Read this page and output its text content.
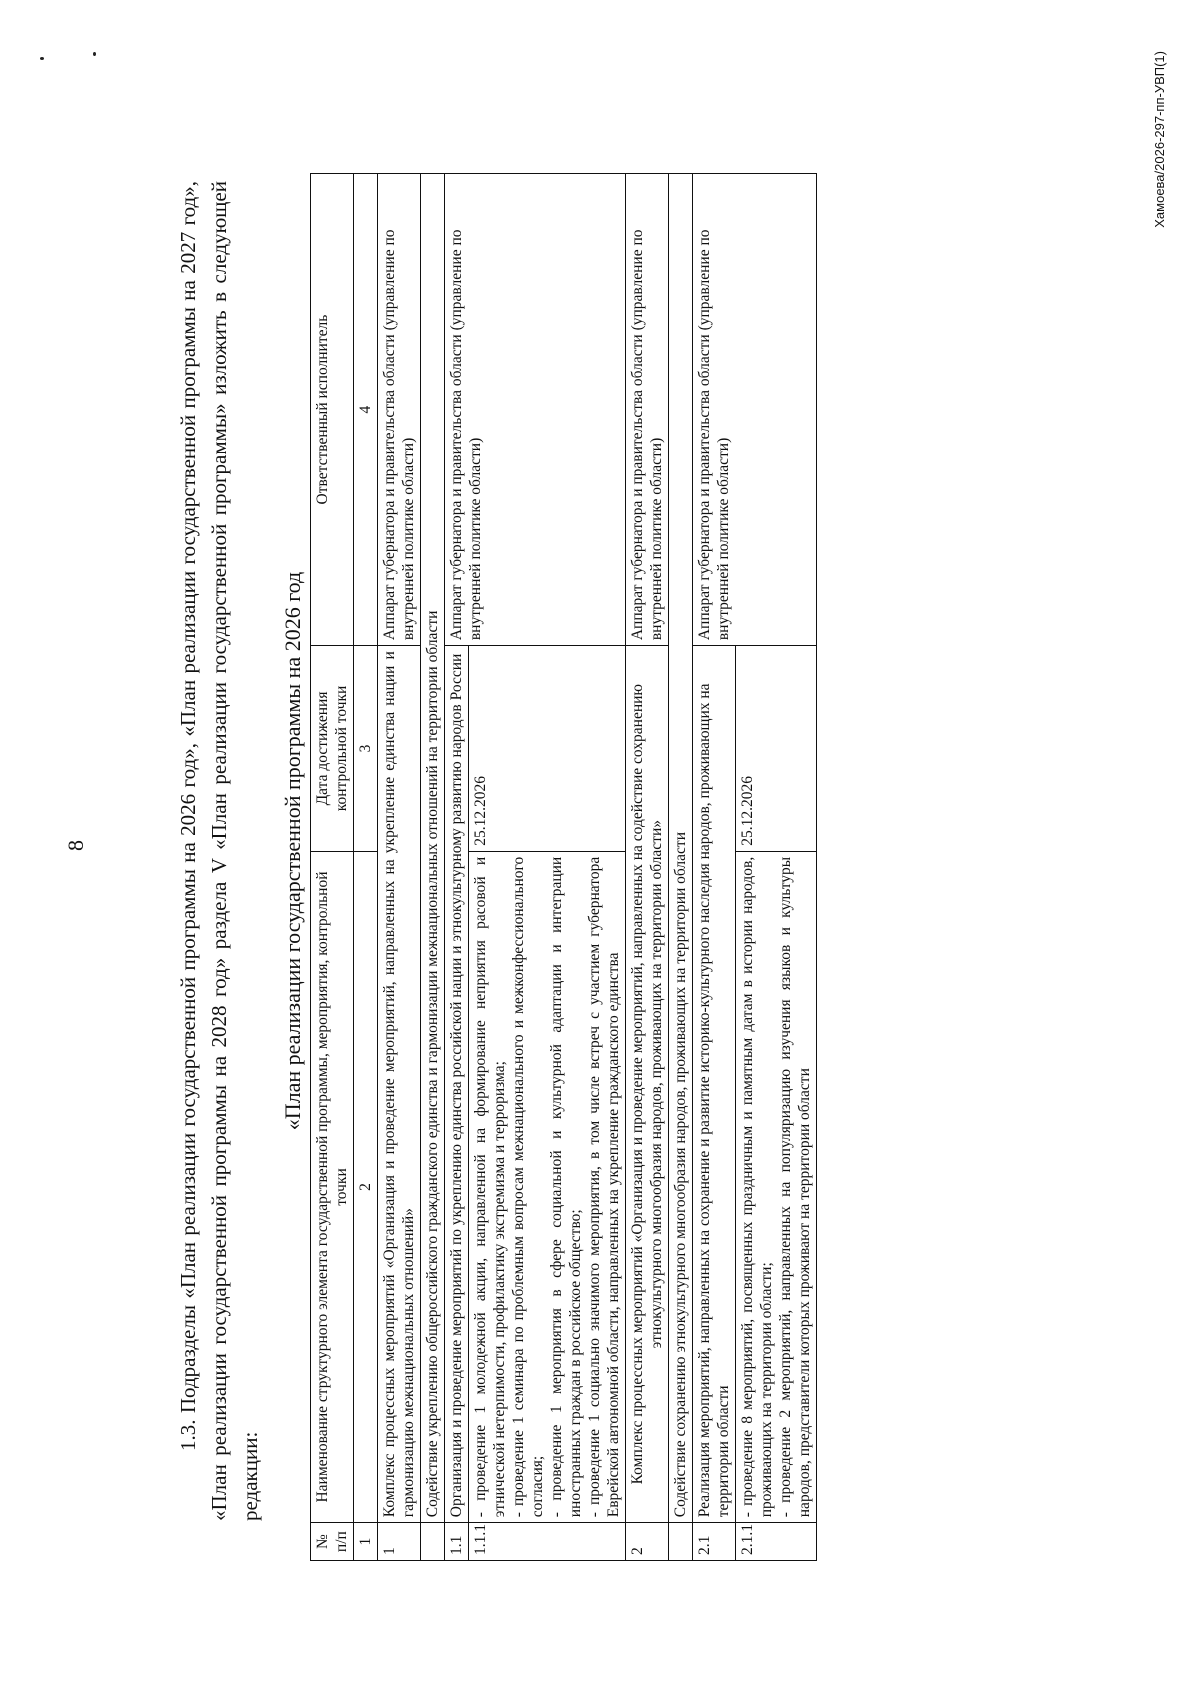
8	1.3. Подразделы «План реализации государственной программы на 2026 год», «План реализации государственной программы на 2027 год», «План реализации государственной программы на 2028 год» раздела V «План реализации государственной программы» изложить в следующей редакции:
«План реализации государственной программы на 2026 год
№ п/п	Наименование структурного элемента государственной программы, мероприятия, контрольной точки	Дата достижения контрольной точки	Ответственный исполнитель
1	2	3	4
1	Комплекс процессных мероприятий «Организация и проведение мероприятий, направленных на укрепление единства нации и гармонизацию межнациональных отношений»		Аппарат губернатора и правительства области (управление по внутренней политике области)
	Содействие укреплению общероссийского гражданского единства и гармонизации межнациональных отношений на территории области		
1.1	Организация и проведение мероприятий по укреплению единства российской нации и этнокультурному развитию народов России		Аппарат губернатора и правительства области (управление по внутренней политике области)
1.1.1	- проведение 1 молодежной акции, направленной на формирование неприятия расовой и этнической нетерпимости, профилактику экстремизма и терроризма; - проведение 1 семинара по проблемным вопросам межнационального и межконфессионального согласия; - проведение 1 мероприятия в сфере социальной и культурной адаптации и интеграции иностранных граждан в российское общество; - проведение 1 социально значимого мероприятия, в том числе встреч с участием губернатора Еврейской автономной области, направленных на укрепление гражданского единства	25.12.2026	
2	Комплекс процессных мероприятий «Организация и проведение мероприятий, направленных на содействие сохранению этнокультурного многообразия народов, проживающих на территории области»		Аппарат губернатора и правительства области (управление по внутренней политике области)
	Содействие сохранению этнокультурного многообразия народов, проживающих на территории области		
2.1	Реализация мероприятий, направленных на сохранение и развитие историко-культурного наследия народов, проживающих на территории области		Аппарат губернатора и правительства области (управление по внутренней политике области)
2.1.1	- проведение 8 мероприятий, посвященных праздничным и памятным датам в истории народов, проживающих на территории области; - проведение 2 мероприятий, направленных на популяризацию изучения языков и культуры народов, представители которых проживают на территории области	25.12.2026	
Хамоева/2026-297-пп-УВП(1)
